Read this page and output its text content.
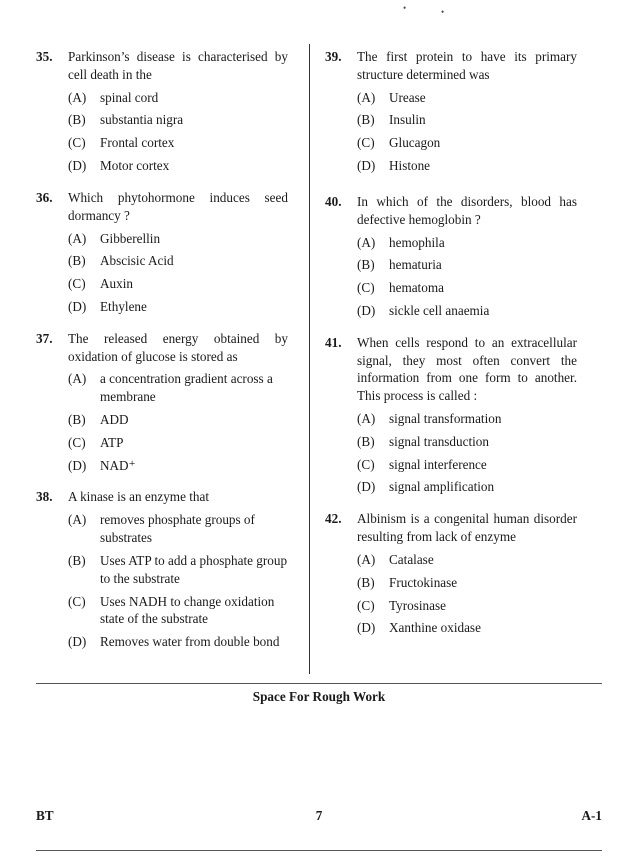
•	•
35. Parkinson’s disease is characterised by cell death in the
(A) spinal cord
(B) substantia nigra
(C) Frontal cortex
(D) Motor cortex
36. Which phytohormone induces seed dormancy ?
(A) Gibberellin
(B) Abscisic Acid
(C) Auxin
(D) Ethylene
37. The released energy obtained by oxidation of glucose is stored as
(A) a concentration gradient across a membrane
(B) ADD
(C) ATP
(D) NAD⁺
38. A kinase is an enzyme that
(A) removes phosphate groups of substrates
(B) Uses ATP to add a phosphate group to the substrate
(C) Uses NADH to change oxidation state of the substrate
(D) Removes water from double bond
39. The first protein to have its primary structure determined was
(A) Urease
(B) Insulin
(C) Glucagon
(D) Histone
40. In which of the disorders, blood has defective hemoglobin ?
(A) hemophila
(B) hematuria
(C) hematoma
(D) sickle cell anaemia
41. When cells respond to an extracellular signal, they most often convert the information from one form to another. This process is called :
(A) signal transformation
(B) signal transduction
(C) signal interference
(D) signal amplification
42. Albinism is a congenital human disorder resulting from lack of enzyme
(A) Catalase
(B) Fructokinase
(C) Tyrosinase
(D) Xanthine oxidase
Space For Rough Work
BT	7	A-1
